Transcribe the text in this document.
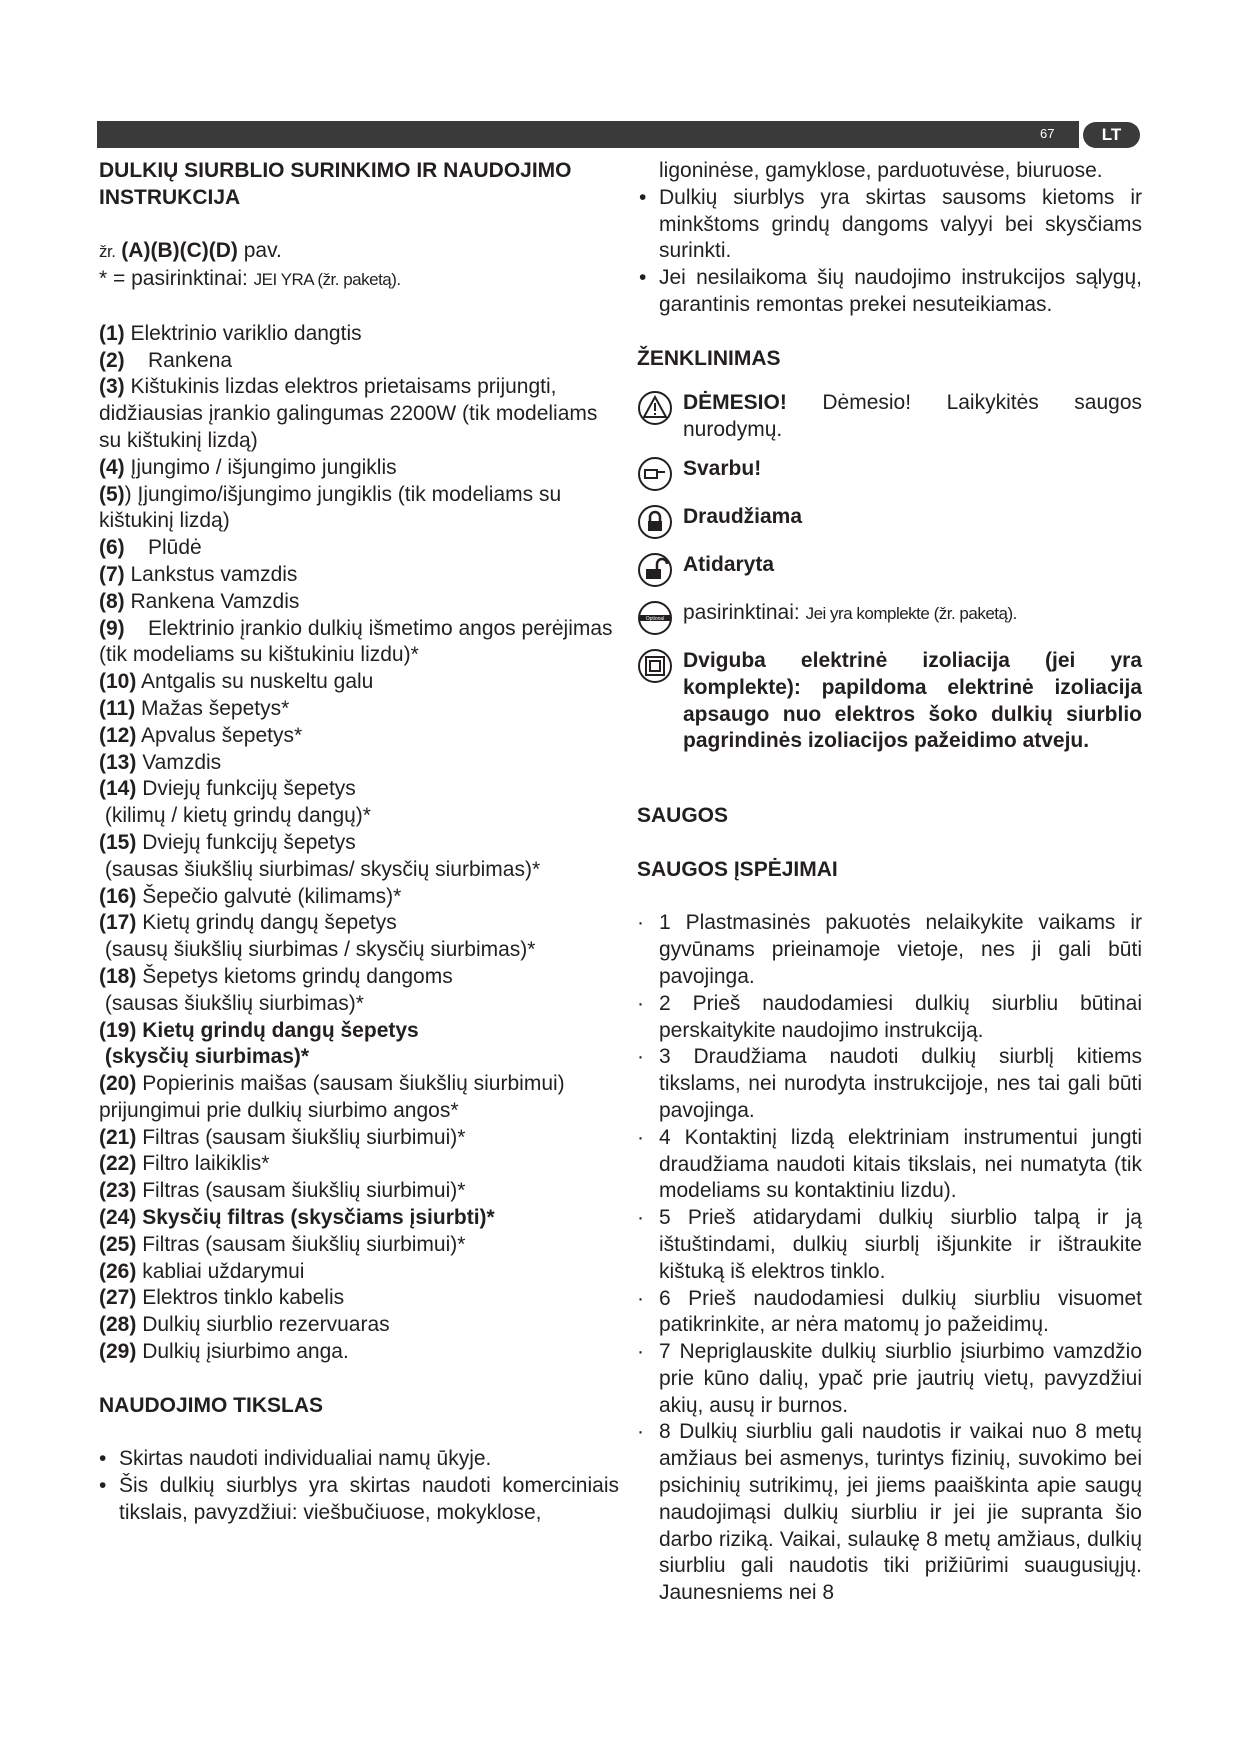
67	LT
DULKIŲ SIURBLIO SURINKIMO IR NAUDOJIMO INSTRUKCIJA

žr. (A)(B)(C)(D) pav.

* = pasirinktinai: JEI YRA (žr. paketą).

(1) Elektrinio variklio dangtis

(2)    Rankena

(3) Kištukinis lizdas elektros prietaisams prijungti, didžiausias įrankio galingumas 2200W (tik modeliams su kištukinį lizdą)

(4) Įjungimo / išjungimo jungiklis

(5)) Įjungimo/išjungimo jungiklis (tik modeliams su kištukinį lizdą)

(6)    Plūdė

(7) Lankstus vamzdis

(8) Rankena Vamzdis

(9)    Elektrinio įrankio dulkių išmetimo angos perėjimas (tik modeliams su kištukiniu lizdu)*

(10) Antgalis su nuskeltu galu

(11) Mažas šepetys*

(12) Apvalus šepetys*

(13) Vamzdis

(14) Dviejų funkcijų šepetys
(kilimų / kietų grindų dangų)*

(15) Dviejų funkcijų šepetys
(sausas šiukšlių siurbimas/ skysčių siurbimas)*

(16) Šepečio galvutė (kilimams)*

(17) Kietų grindų dangų šepetys
(sausų šiukšlių siurbimas / skysčių siurbimas)*

(18) Šepetys kietoms grindų dangoms
(sausas šiukšlių siurbimas)*

(19) Kietų grindų dangų šepetys
(skysčių siurbimas)*

(20) Popierinis maišas (sausam šiukšlių siurbimui) prijungimui prie dulkių siurbimo angos*

(21) Filtras (sausam šiukšlių siurbimui)*

(22) Filtro laikiklis*

(23) Filtras (sausam šiukšlių siurbimui)*

(24) Skysčių filtras (skysčiams įsiurbti)*

(25) Filtras (sausam šiukšlių siurbimui)*

(26) kabliai uždarymui

(27) Elektros tinklo kabelis

(28) Dulkių siurblio rezervuaras

(29) Dulkių įsiurbimo anga.

NAUDOJIMO TIKSLAS

• Skirtas naudoti individualiai namų ūkyje.

• Šis dulkių siurblys yra skirtas naudoti komerciniais tikslais, pavyzdžiui: viešbučiuose, mokyklose,

ligoninėse, gamyklose, parduotuvėse, biuruose.

• Dulkių siurblys yra skirtas sausoms kietoms ir minkštoms grindų dangoms valyyi bei skysčiams surinkti.

• Jei nesilaikoma šių naudojimo instrukcijos sąlygų, garantinis remontas prekei nesuteikiamas.

ŽENKLINIMAS
DĖMESIO! Dėmesio! Laikykitės saugos nurodymų.
Svarbu!
Draudžiama
Atidaryta
Optional pasirinktinai: Jei yra komplekte (žr. paketą).
Dviguba elektrinė izoliacija (jei yra komplekte): papildoma elektrinė izoliacija apsaugo nuo elektros šoko dulkių siurblio pagrindinės izoliacijos pažeidimo atveju.
SAUGOS
SAUGOS ĮSPĖJIMAI

· 1 Plastmasinės pakuotės nelaikykite vaikams ir gyvūnams prieinamoje vietoje, nes ji gali būti pavojinga.

· 2 Prieš naudodamiesi dulkių siurbliu būtinai perskaitykite naudojimo instrukciją.

· 3 Draudžiama naudoti dulkių siurblį kitiems tikslams, nei nurodyta instrukcijoje, nes tai gali būti pavojinga.

· 4 Kontaktinį lizdą elektriniam instrumentui jungti draudžiama naudoti kitais tikslais, nei numatyta (tik modeliams su kontaktiniu lizdu).

· 5 Prieš atidarydami dulkių siurblio talpą ir ją ištuštindami, dulkių siurblį išjunkite ir ištraukite kištuką iš elektros tinklo.

· 6 Prieš naudodamiesi dulkių siurbliu visuomet patikrinkite, ar nėra matomų jo pažeidimų.

· 7 Nepriglauskite dulkių siurblio įsiurbimo vamzdžio prie kūno dalių, ypač prie jautrių vietų, pavyzdžiui akių, ausų ir burnos.

· 8 Dulkių siurbliu gali naudotis ir vaikai nuo 8 metų amžiaus bei asmenys, turintys fizinių, suvokimo bei psichinių sutrikimų, jei jiems paaiškinta apie saugų naudojimąsi dulkių siurbliu ir jei jie supranta šio darbo riziką. Vaikai, sulaukę 8 metų amžiaus, dulkių siurbliu gali naudotis tiki prižiūrimi suaugusiųjų. Jaunesniems nei 8
